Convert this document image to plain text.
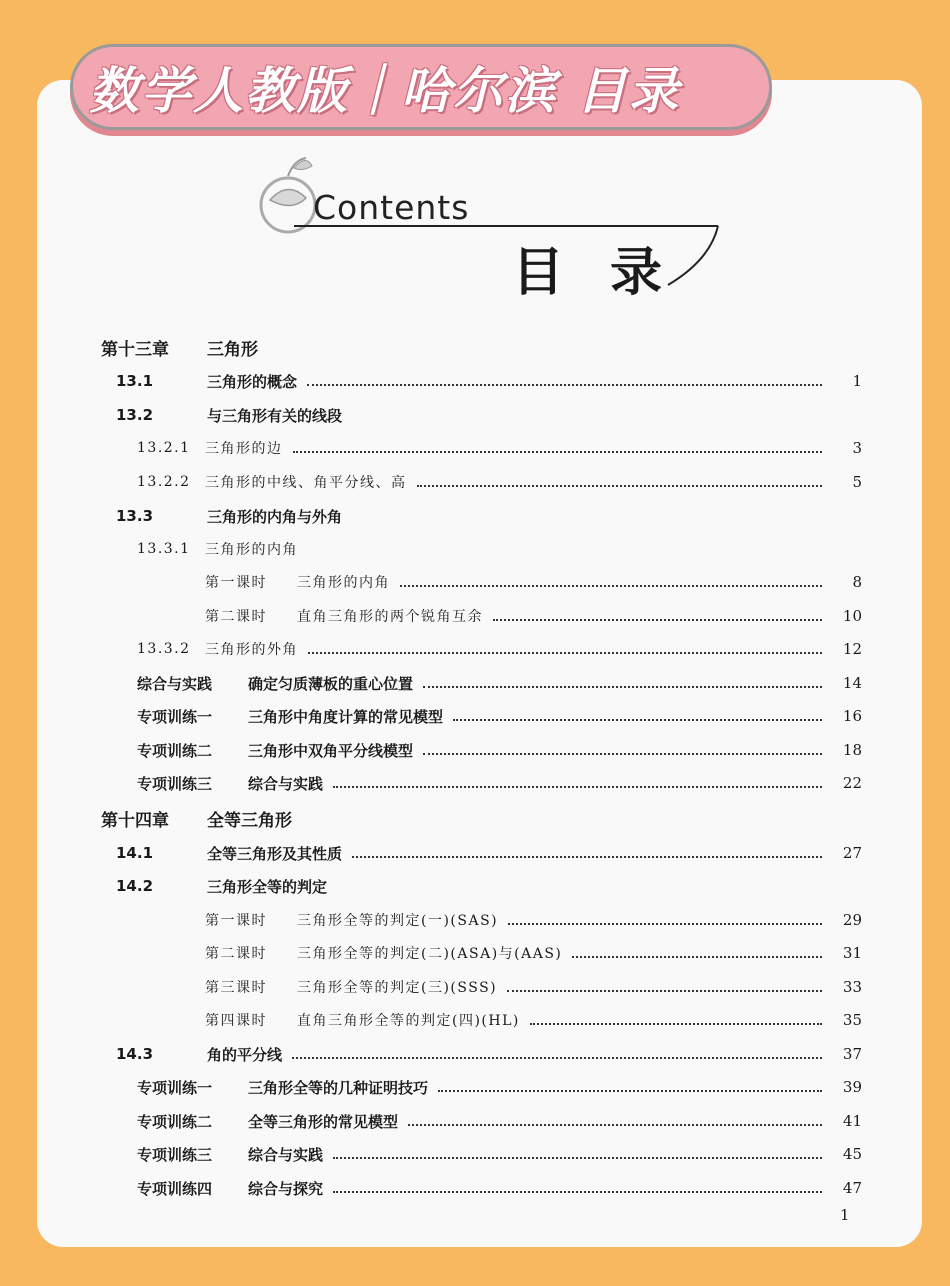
数学人教版｜哈尔滨 目录
Contents
目录
第十三章	三角形
13.1	三角形的概念	1
13.2	与三角形有关的线段
13.2.1	三角形的边	3
13.2.2	三角形的中线、角平分线、高	5
13.3	三角形的内角与外角
13.3.1	三角形的内角
第一课时	三角形的内角	8
第二课时	直角三角形的两个锐角互余	10
13.3.2	三角形的外角	12
综合与实践	确定匀质薄板的重心位置	14
专项训练一	三角形中角度计算的常见模型	16
专项训练二	三角形中双角平分线模型	18
专项训练三	综合与实践	22
第十四章	全等三角形
14.1	全等三角形及其性质	27
14.2	三角形全等的判定
第一课时	三角形全等的判定(一)(SAS)	29
第二课时	三角形全等的判定(二)(ASA)与(AAS)	31
第三课时	三角形全等的判定(三)(SSS)	33
第四课时	直角三角形全等的判定(四)(HL)	35
14.3	角的平分线	37
专项训练一	三角形全等的几种证明技巧	39
专项训练二	全等三角形的常见模型	41
专项训练三	综合与实践	45
专项训练四	综合与探究	47
1
